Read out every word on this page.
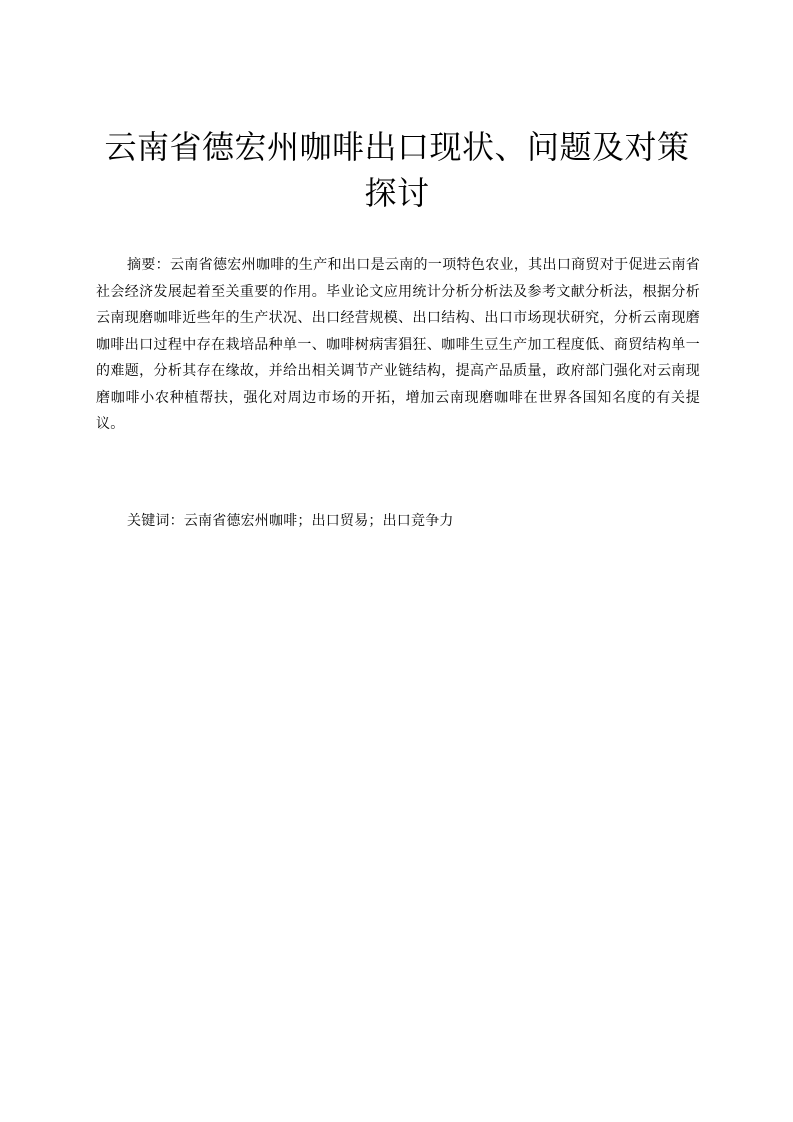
云南省德宏州咖啡出口现状、问题及对策探讨

摘要：云南省德宏州咖啡的生产和出口是云南的一项特色农业，其出口商贸对于促进云南省社会经济发展起着至关重要的作用。毕业论文应用统计分析分析法及参考文献分析法，根据分析云南现磨咖啡近些年的生产状况、出口经营规模、出口结构、出口市场现状研究，分析云南现磨咖啡出口过程中存在栽培品种单一、咖啡树病害猖狂、咖啡生豆生产加工程度低、商贸结构单一的难题，分析其存在缘故，并给出相关调节产业链结构，提高产品质量，政府部门强化对云南现磨咖啡小农种植帮扶，强化对周边市场的开拓，增加云南现磨咖啡在世界各国知名度的有关提议。

关键词：云南省德宏州咖啡；出口贸易；出口竞争力
